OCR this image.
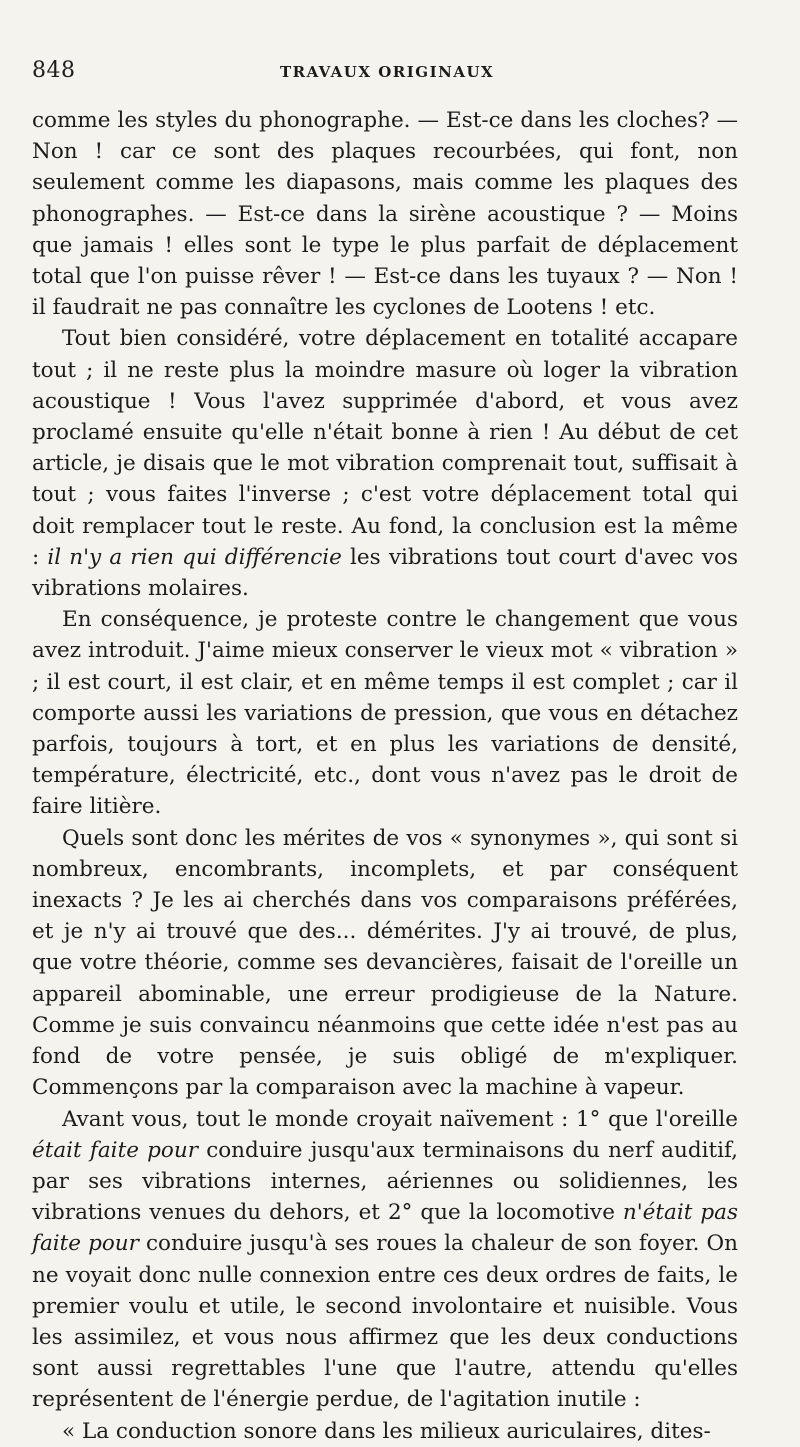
848	TRAVAUX ORIGINAUX

comme les styles du phonographe. — Est-ce dans les cloches? — Non ! car ce sont des plaques recourbées, qui font, non seulement comme les diapasons, mais comme les plaques des phonographes. — Est-ce dans la sirène acoustique ? — Moins que jamais ! elles sont le type le plus parfait de déplacement total que l'on puisse rêver ! — Est-ce dans les tuyaux ? — Non ! il faudrait ne pas connaître les cyclones de Lootens ! etc.

Tout bien considéré, votre déplacement en totalité accapare tout ; il ne reste plus la moindre masure où loger la vibration acoustique ! Vous l'avez supprimée d'abord, et vous avez proclamé ensuite qu'elle n'était bonne à rien ! Au début de cet article, je disais que le mot vibration comprenait tout, suffisait à tout ; vous faites l'inverse ; c'est votre déplacement total qui doit remplacer tout le reste. Au fond, la conclusion est la même : il n'y a rien qui différencie les vibrations tout court d'avec vos vibrations molaires.

En conséquence, je proteste contre le changement que vous avez introduit. J'aime mieux conserver le vieux mot « vibration » ; il est court, il est clair, et en même temps il est complet ; car il comporte aussi les variations de pression, que vous en détachez parfois, toujours à tort, et en plus les variations de densité, température, électricité, etc., dont vous n'avez pas le droit de faire litière.

Quels sont donc les mérites de vos « synonymes », qui sont si nombreux, encombrants, incomplets, et par conséquent inexacts ? Je les ai cherchés dans vos comparaisons préférées, et je n'y ai trouvé que des... démérites. J'y ai trouvé, de plus, que votre théorie, comme ses devancières, faisait de l'oreille un appareil abominable, une erreur prodigieuse de la Nature. Comme je suis convaincu néanmoins que cette idée n'est pas au fond de votre pensée, je suis obligé de m'expliquer. Commençons par la comparaison avec la machine à vapeur.

Avant vous, tout le monde croyait naïvement : 1° que l'oreille était faite pour conduire jusqu'aux terminaisons du nerf auditif, par ses vibrations internes, aériennes ou solidiennes, les vibrations venues du dehors, et 2° que la locomotive n'était pas faite pour conduire jusqu'à ses roues la chaleur de son foyer. On ne voyait donc nulle connexion entre ces deux ordres de faits, le premier voulu et utile, le second involontaire et nuisible. Vous les assimilez, et vous nous affirmez que les deux conductions sont aussi regrettables l'une que l'autre, attendu qu'elles représentent de l'énergie perdue, de l'agitation inutile :

« La conduction sonore dans les milieux auriculaires, dites-
